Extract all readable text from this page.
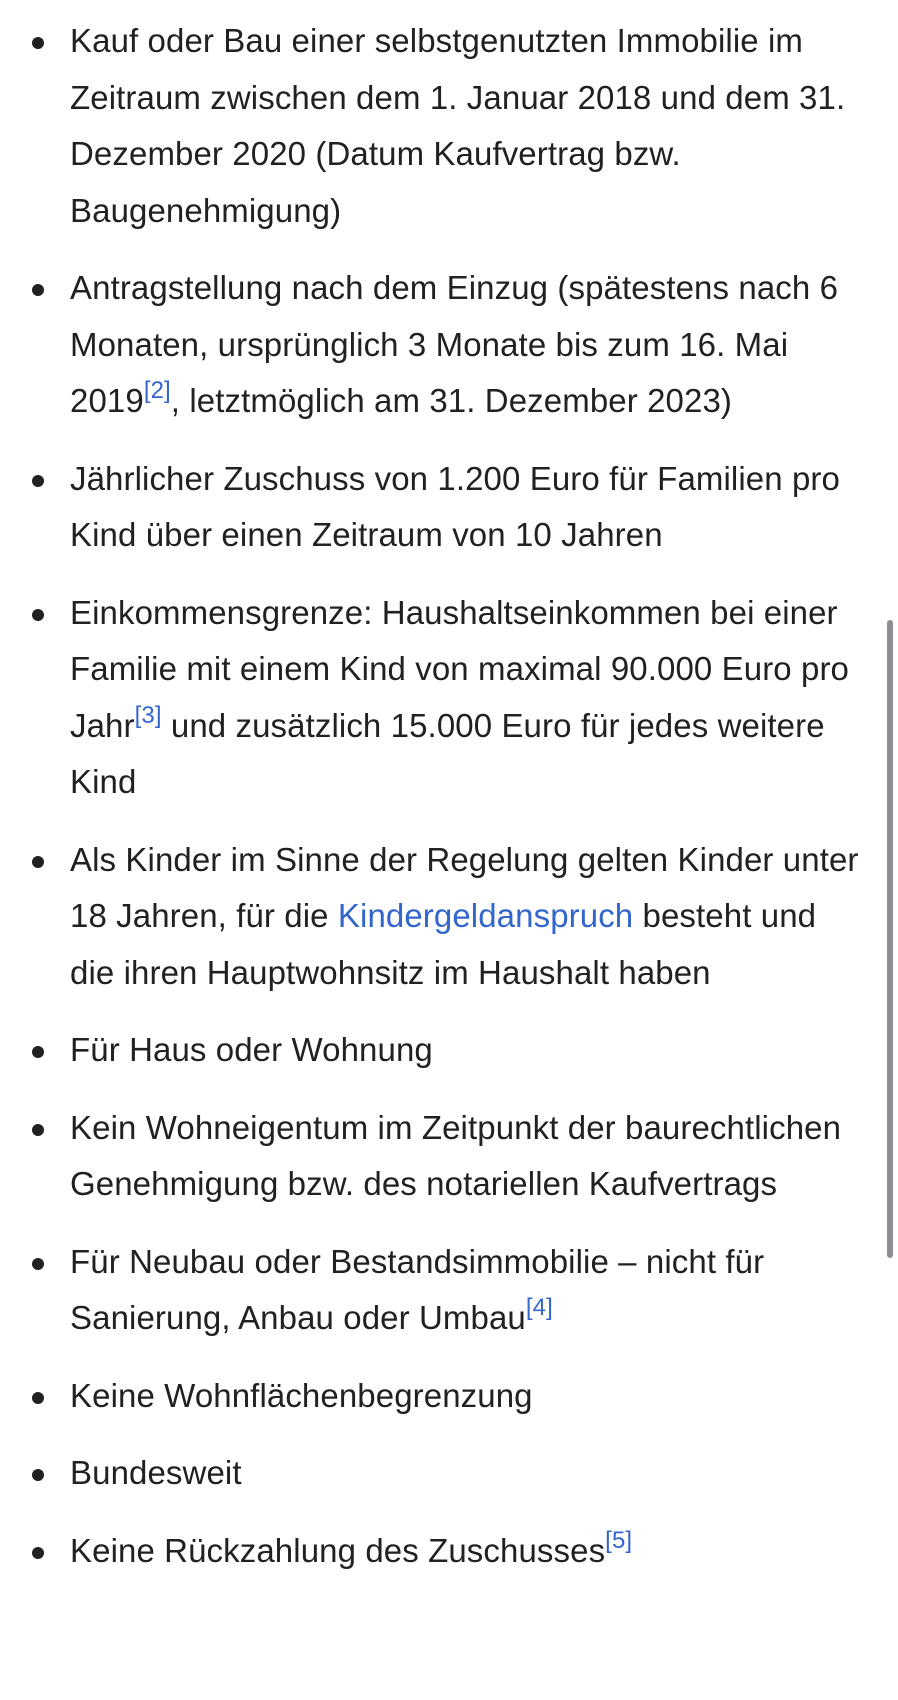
Kauf oder Bau einer selbstgenutzten Immobilie im Zeitraum zwischen dem 1. Januar 2018 und dem 31. Dezember 2020 (Datum Kaufvertrag bzw. Baugenehmigung)
Antragstellung nach dem Einzug (spätestens nach 6 Monaten, ursprünglich 3 Monate bis zum 16. Mai 2019[2], letztmöglich am 31. Dezember 2023)
Jährlicher Zuschuss von 1.200 Euro für Familien pro Kind über einen Zeitraum von 10 Jahren
Einkommensgrenze: Haushaltseinkommen bei einer Familie mit einem Kind von maximal 90.000 Euro pro Jahr[3] und zusätzlich 15.000 Euro für jedes weitere Kind
Als Kinder im Sinne der Regelung gelten Kinder unter 18 Jahren, für die Kindergeldanspruch besteht und die ihren Hauptwohnsitz im Haushalt haben
Für Haus oder Wohnung
Kein Wohneigentum im Zeitpunkt der baurechtlichen Genehmigung bzw. des notariellen Kaufvertrags
Für Neubau oder Bestandsimmobilie – nicht für Sanierung, Anbau oder Umbau[4]
Keine Wohnflächenbegrenzung
Bundesweit
Keine Rückzahlung des Zuschusses[5]
